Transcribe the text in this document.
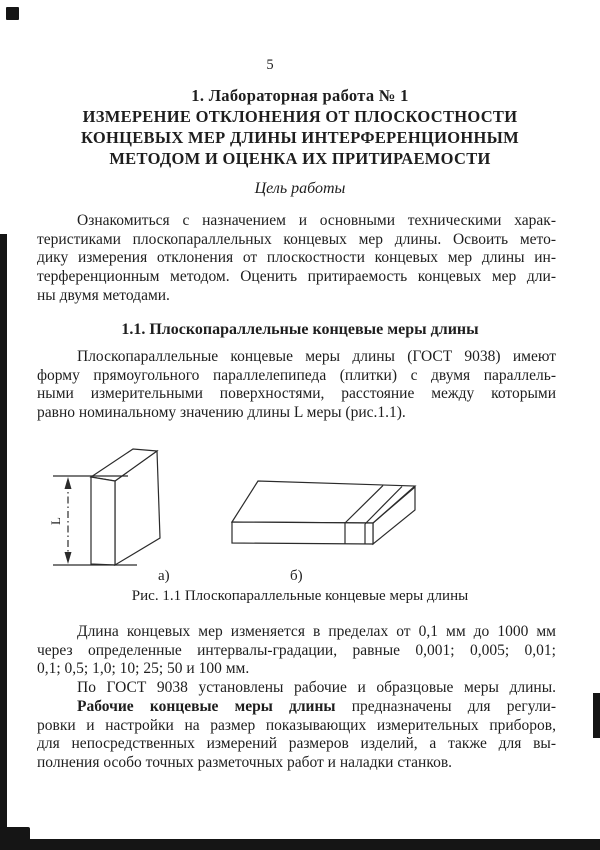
5
1. Лабораторная работа № 1
ИЗМЕРЕНИЕ ОТКЛОНЕНИЯ ОТ ПЛОСКОСТНОСТИ
КОНЦЕВЫХ МЕР ДЛИНЫ ИНТЕРФЕРЕНЦИОННЫМ
МЕТОДОМ И ОЦЕНКА ИХ ПРИТИРАЕМОСТИ
Цель работы
Ознакомиться с назначением и основными техническими харак-
теристиками плоскопараллельных концевых мер длины. Освоить мето-
дику измерения отклонения от плоскостности концевых мер длины ин-
терференционным методом. Оценить притираемость концевых мер дли-
ны двумя методами.
1.1. Плоскопараллельные концевые меры длины
Плоскопараллельные концевые меры длины (ГОСТ 9038) имеют
форму прямоугольного параллелепипеда (плитки) с двумя параллель-
ными измерительными поверхностями, расстояние между которыми
равно номинальному значению длины L меры (рис.1.1).
L
а)	б)
Рис. 1.1 Плоскопараллельные концевые меры длины
Длина концевых мер изменяется в пределах от 0,1 мм до 1000 мм
через определенные интервалы-градации, равные 0,001; 0,005; 0,01;
0,1; 0,5; 1,0; 10; 25; 50 и 100 мм.
По ГОСТ 9038 установлены рабочие и образцовые меры длины.
Рабочие концевые меры длины предназначены для регули-
ровки и настройки на размер показывающих измерительных приборов,
для непосредственных измерений размеров изделий, а также для вы-
полнения особо точных разметочных работ и наладки станков.
